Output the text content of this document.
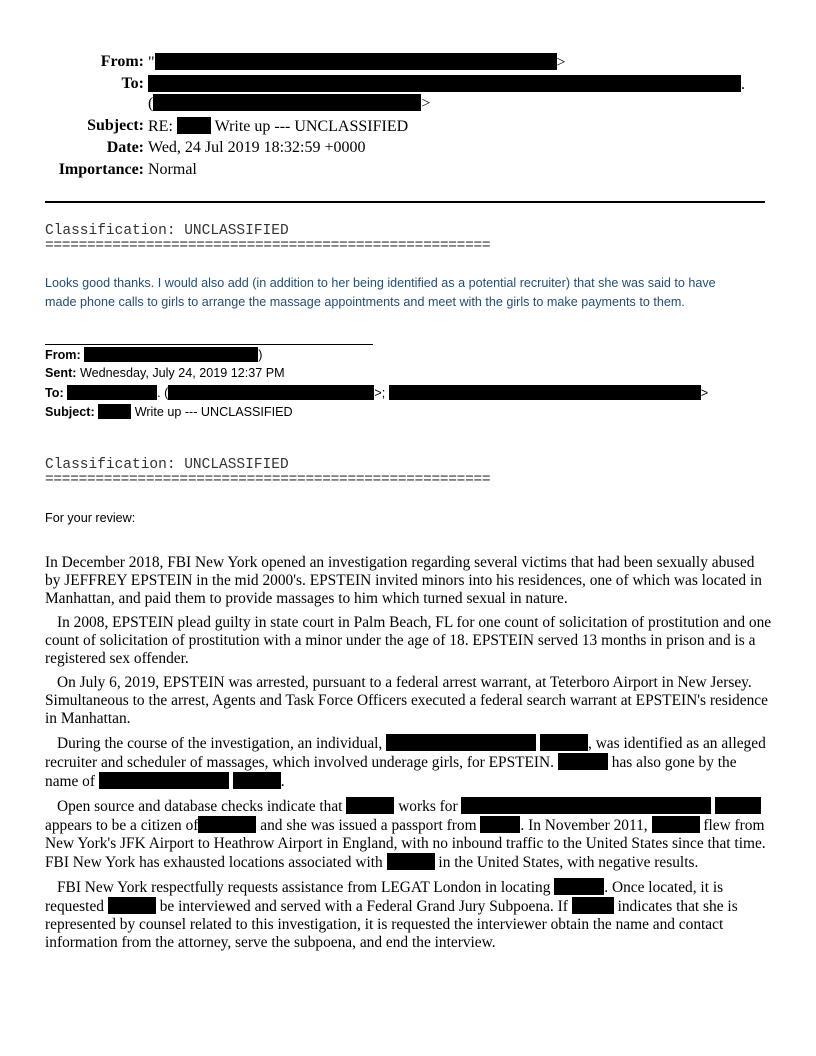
From: "	>
To:	.
(	>
Subject: RE:	Write up --- UNCLASSIFIED
Date: Wed, 24 Jul 2019 18:32:59 +0000
Importance: Normal
Classification: UNCLASSIFIED
=====================================================
Looks good thanks. I would also add (in addition to her being identified as a potential recruiter) that she was said to have
made phone calls to girls to arrange the massage appointments and meet with the girls to make payments to them.
From:	)
Sent: Wednesday, July 24, 2019 12:37 PM
To:	. (	>;	>
Subject:	Write up --- UNCLASSIFIED
Classification: UNCLASSIFIED
=====================================================
For your review:

In December 2018, FBI New York opened an investigation regarding several victims that had been sexually abused by JEFFREY EPSTEIN in the mid 2000's. EPSTEIN invited minors into his residences, one of which was located in Manhattan, and paid them to provide massages to him which turned sexual in nature.

In 2008, EPSTEIN plead guilty in state court in Palm Beach, FL for one count of solicitation of prostitution and one count of solicitation of prostitution with a minor under the age of 18. EPSTEIN served 13 months in prison and is a registered sex offender.

On July 6, 2019, EPSTEIN was arrested, pursuant to a federal arrest warrant, at Teterboro Airport in New Jersey. Simultaneous to the arrest, Agents and Task Force Officers executed a federal search warrant at EPSTEIN's residence in Manhattan.

During the course of the investigation, an individual,	, was identified as an alleged recruiter and scheduler of massages, which involved underage girls, for EPSTEIN.	has also gone by the name of	.

Open source and database checks indicate that	works for   appears to be a citizen of	and she was issued a passport from	. In November 2011,	flew from New York's JFK Airport to Heathrow Airport in England, with no inbound traffic to the United States since that time. FBI New York has exhausted locations associated with	in the United States, with negative results.

FBI New York respectfully requests assistance from LEGAT London in locating	. Once located, it is requested	be interviewed and served with a Federal Grand Jury Subpoena. If	indicates that she is represented by counsel related to this investigation, it is requested the interviewer obtain the name and contact information from the attorney, serve the subpoena, and end the interview.
